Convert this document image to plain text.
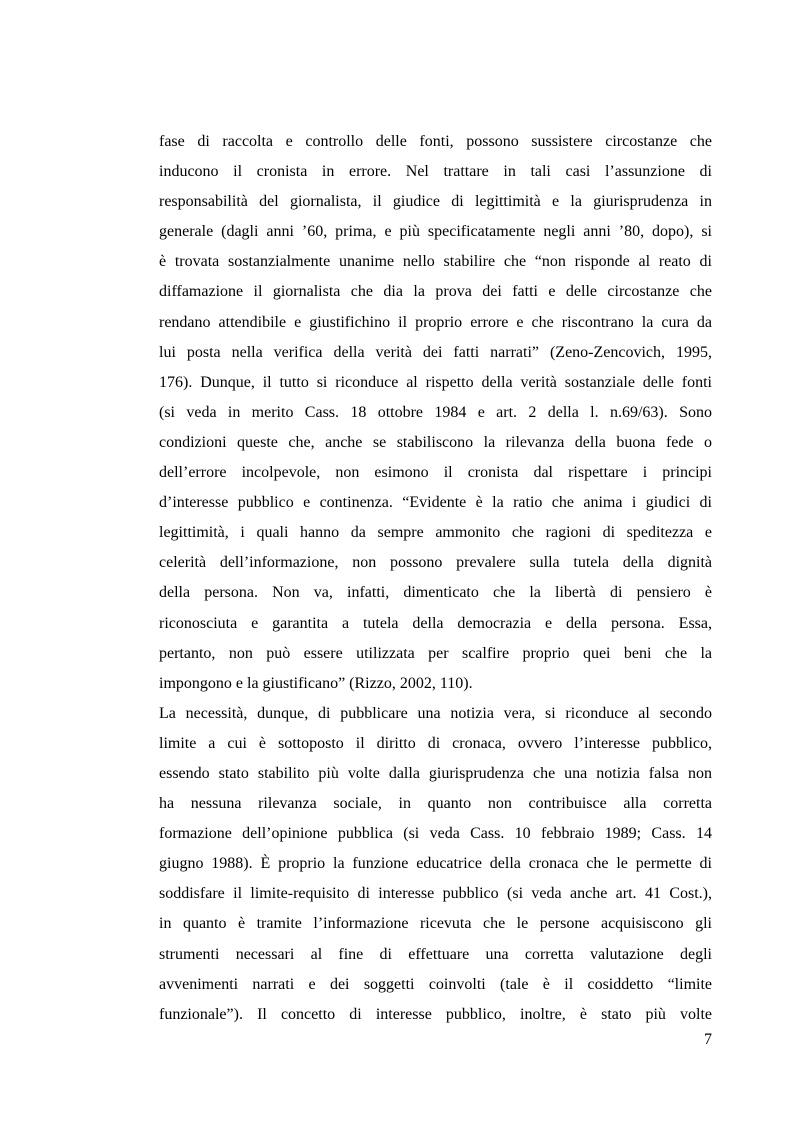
fase di raccolta e controllo delle fonti, possono sussistere circostanze che
inducono il cronista in errore. Nel trattare in tali casi l’assunzione di
responsabilità del giornalista, il giudice di legittimità e la giurisprudenza in
generale (dagli anni ’60, prima, e più specificatamente negli anni ’80, dopo), si
è trovata sostanzialmente unanime nello stabilire che “non risponde al reato di
diffamazione il giornalista che dia la prova dei fatti e delle circostanze che
rendano attendibile e giustifichino il proprio errore e che riscontrano la cura da
lui posta nella verifica della verità dei fatti narrati” (Zeno-Zencovich, 1995,
176). Dunque, il tutto si riconduce al rispetto della verità sostanziale delle fonti
(si veda in merito Cass. 18 ottobre 1984 e art. 2 della l. n.69/63). Sono
condizioni queste che, anche se stabiliscono la rilevanza della buona fede o
dell’errore incolpevole, non esimono il cronista dal rispettare i principi
d’interesse pubblico e continenza. “Evidente è la ratio che anima i giudici di
legittimità, i quali hanno da sempre ammonito che ragioni di speditezza e
celerità dell’informazione, non possono prevalere sulla tutela della dignità
della persona. Non va, infatti, dimenticato che la libertà di pensiero è
riconosciuta e garantita a tutela della democrazia e della persona. Essa,
pertanto, non può essere utilizzata per scalfire proprio quei beni che la
impongono e la giustificano” (Rizzo, 2002, 110).
La necessità, dunque, di pubblicare una notizia vera, si riconduce al secondo
limite a cui è sottoposto il diritto di cronaca, ovvero l’interesse pubblico,
essendo stato stabilito più volte dalla giurisprudenza che una notizia falsa non
ha nessuna rilevanza sociale, in quanto non contribuisce alla corretta
formazione dell’opinione pubblica (si veda Cass. 10 febbraio 1989; Cass. 14
giugno 1988). È proprio la funzione educatrice della cronaca che le permette di
soddisfare il limite-requisito di interesse pubblico (si veda anche art. 41 Cost.),
in quanto è tramite l’informazione ricevuta che le persone acquisiscono gli
strumenti necessari al fine di effettuare una corretta valutazione degli
avvenimenti narrati e dei soggetti coinvolti (tale è il cosiddetto “limite
funzionale”). Il concetto di interesse pubblico, inoltre, è stato più volte
7
